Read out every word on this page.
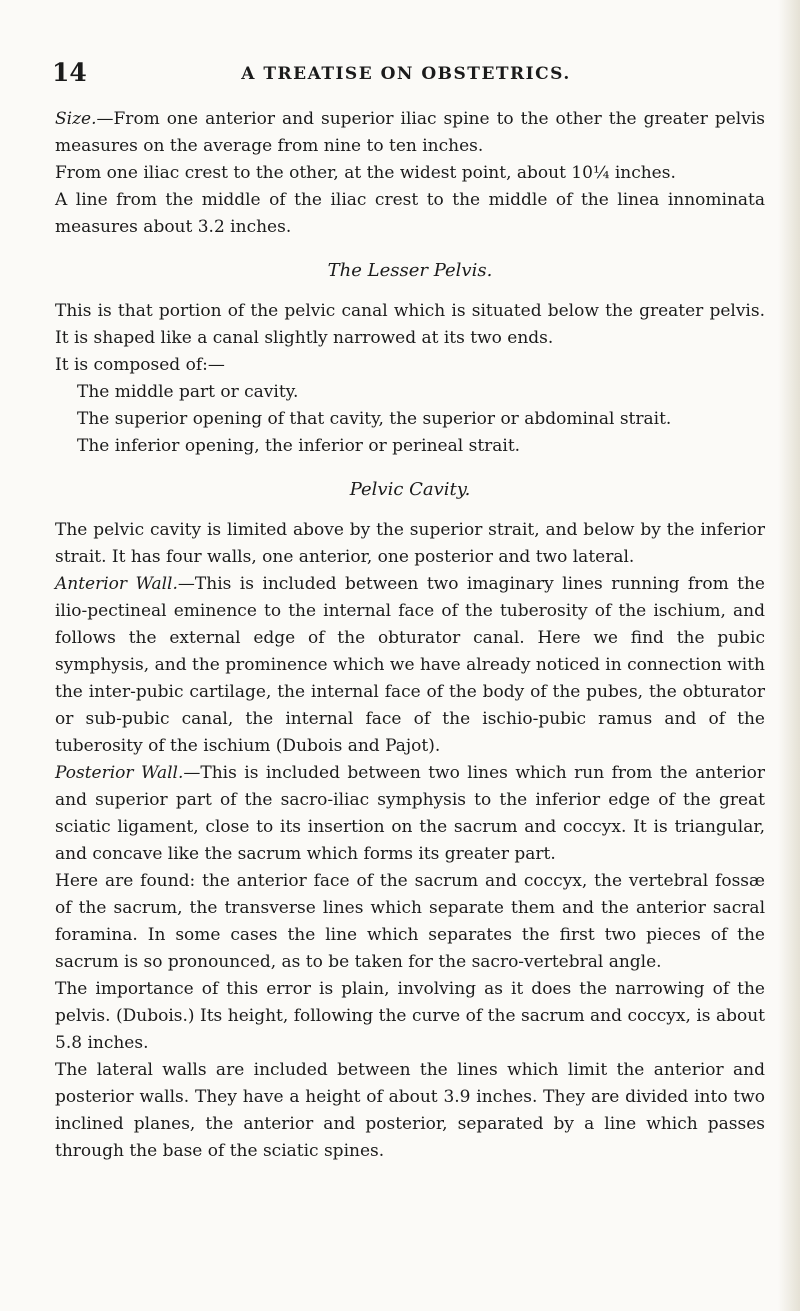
14	A TREATISE ON OBSTETRICS.

Size.—From one anterior and superior iliac spine to the other the greater pelvis measures on the average from nine to ten inches.

From one iliac crest to the other, at the widest point, about 10¼ inches.

A line from the middle of the iliac crest to the middle of the linea innominata measures about 3.2 inches.

The Lesser Pelvis.

This is that portion of the pelvic canal which is situated below the greater pelvis. It is shaped like a canal slightly narrowed at its two ends.

It is composed of:—

The middle part or cavity.

The superior opening of that cavity, the superior or abdominal strait.

The inferior opening, the inferior or perineal strait.

Pelvic Cavity.

The pelvic cavity is limited above by the superior strait, and below by the inferior strait. It has four walls, one anterior, one posterior and two lateral.

Anterior Wall.—This is included between two imaginary lines running from the ilio-pectineal eminence to the internal face of the tuberosity of the ischium, and follows the external edge of the obturator canal. Here we find the pubic symphysis, and the prominence which we have already noticed in connection with the inter-pubic cartilage, the internal face of the body of the pubes, the obturator or sub-pubic canal, the internal face of the ischio-pubic ramus and of the tuberosity of the ischium (Dubois and Pajot).

Posterior Wall.—This is included between two lines which run from the anterior and superior part of the sacro-iliac symphysis to the inferior edge of the great sciatic ligament, close to its insertion on the sacrum and coccyx. It is triangular, and concave like the sacrum which forms its greater part.

Here are found: the anterior face of the sacrum and coccyx, the vertebral fossæ of the sacrum, the transverse lines which separate them and the anterior sacral foramina. In some cases the line which separates the first two pieces of the sacrum is so pronounced, as to be taken for the sacro-vertebral angle.

The importance of this error is plain, involving as it does the narrowing of the pelvis. (Dubois.) Its height, following the curve of the sacrum and coccyx, is about 5.8 inches.

The lateral walls are included between the lines which limit the anterior and posterior walls. They have a height of about 3.9 inches. They are divided into two inclined planes, the anterior and posterior, separated by a line which passes through the base of the sciatic spines.
